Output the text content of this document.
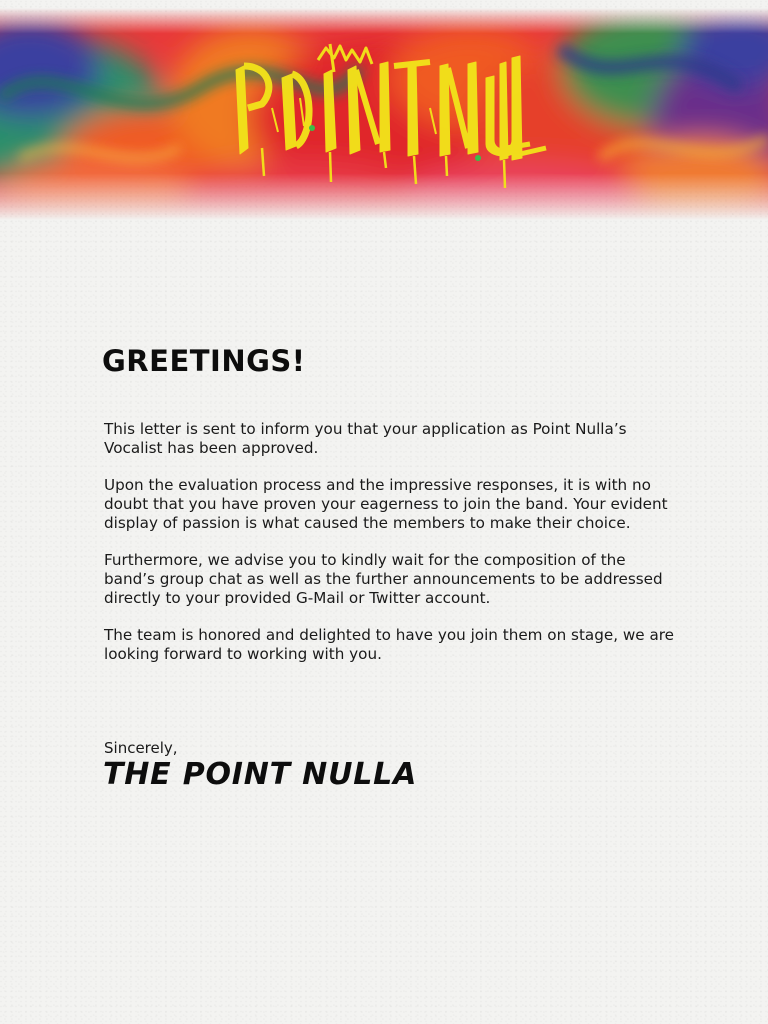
GREETINGS!

This letter is sent to inform you that your application as Point Nulla’s Vocalist has been approved.

Upon the evaluation process and the impressive responses, it is with no doubt that you have proven your eagerness to join the band. Your evident display of passion is what caused the members to make their choice.

Furthermore, we advise you to kindly wait for the composition of the band’s group chat as well as the further announcements to be addressed directly to your provided G-Mail or Twitter account.

The team is honored and delighted to have you join them on stage, we are looking forward to working with you.

Sincerely,
THE POINT NULLA
